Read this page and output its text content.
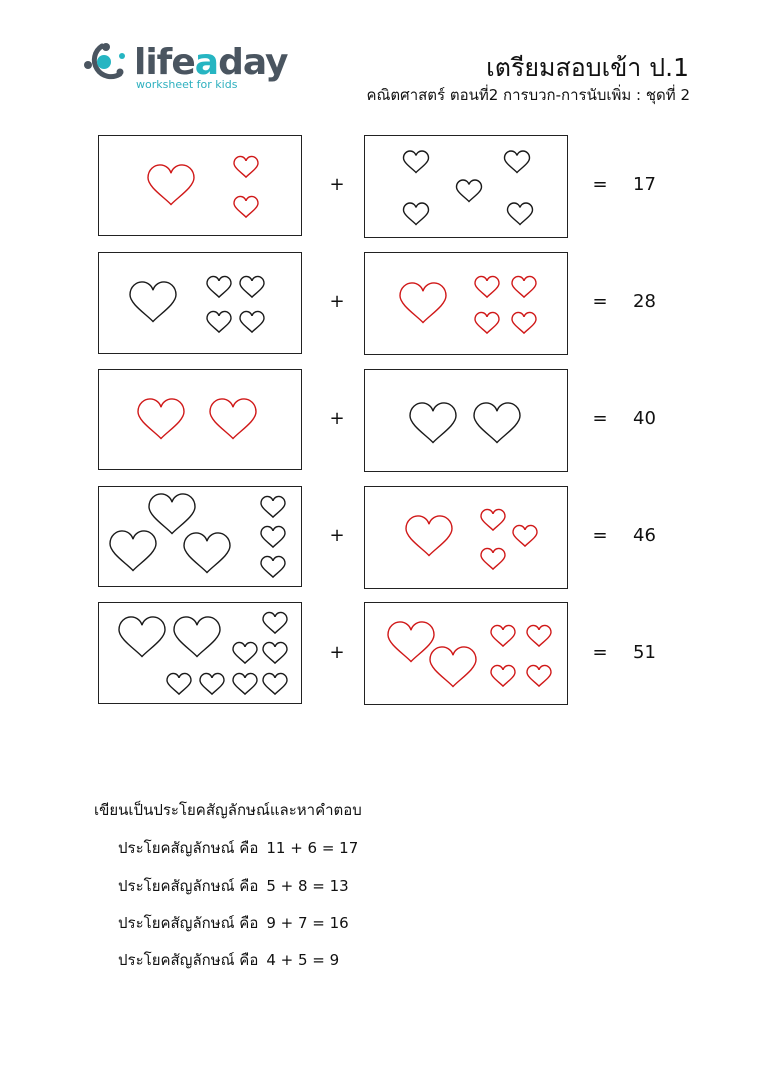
lifeaday
worksheet for kids
เตรียมสอบเข้า ป.1
คณิตศาสตร์ ตอนที่2 การบวก-การนับเพิ่ม : ชุดที่ 2
+	= 17
+	= 28
+	= 40
+	= 46
+	= 51
เขียนเป็นประโยคสัญลักษณ์และหาคำตอบ
ประโยคสัญลักษณ์ คือ 11 + 6 = 17
ประโยคสัญลักษณ์ คือ 5 + 8 = 13
ประโยคสัญลักษณ์ คือ 9 + 7 = 16
ประโยคสัญลักษณ์ คือ 4 + 5 = 9
